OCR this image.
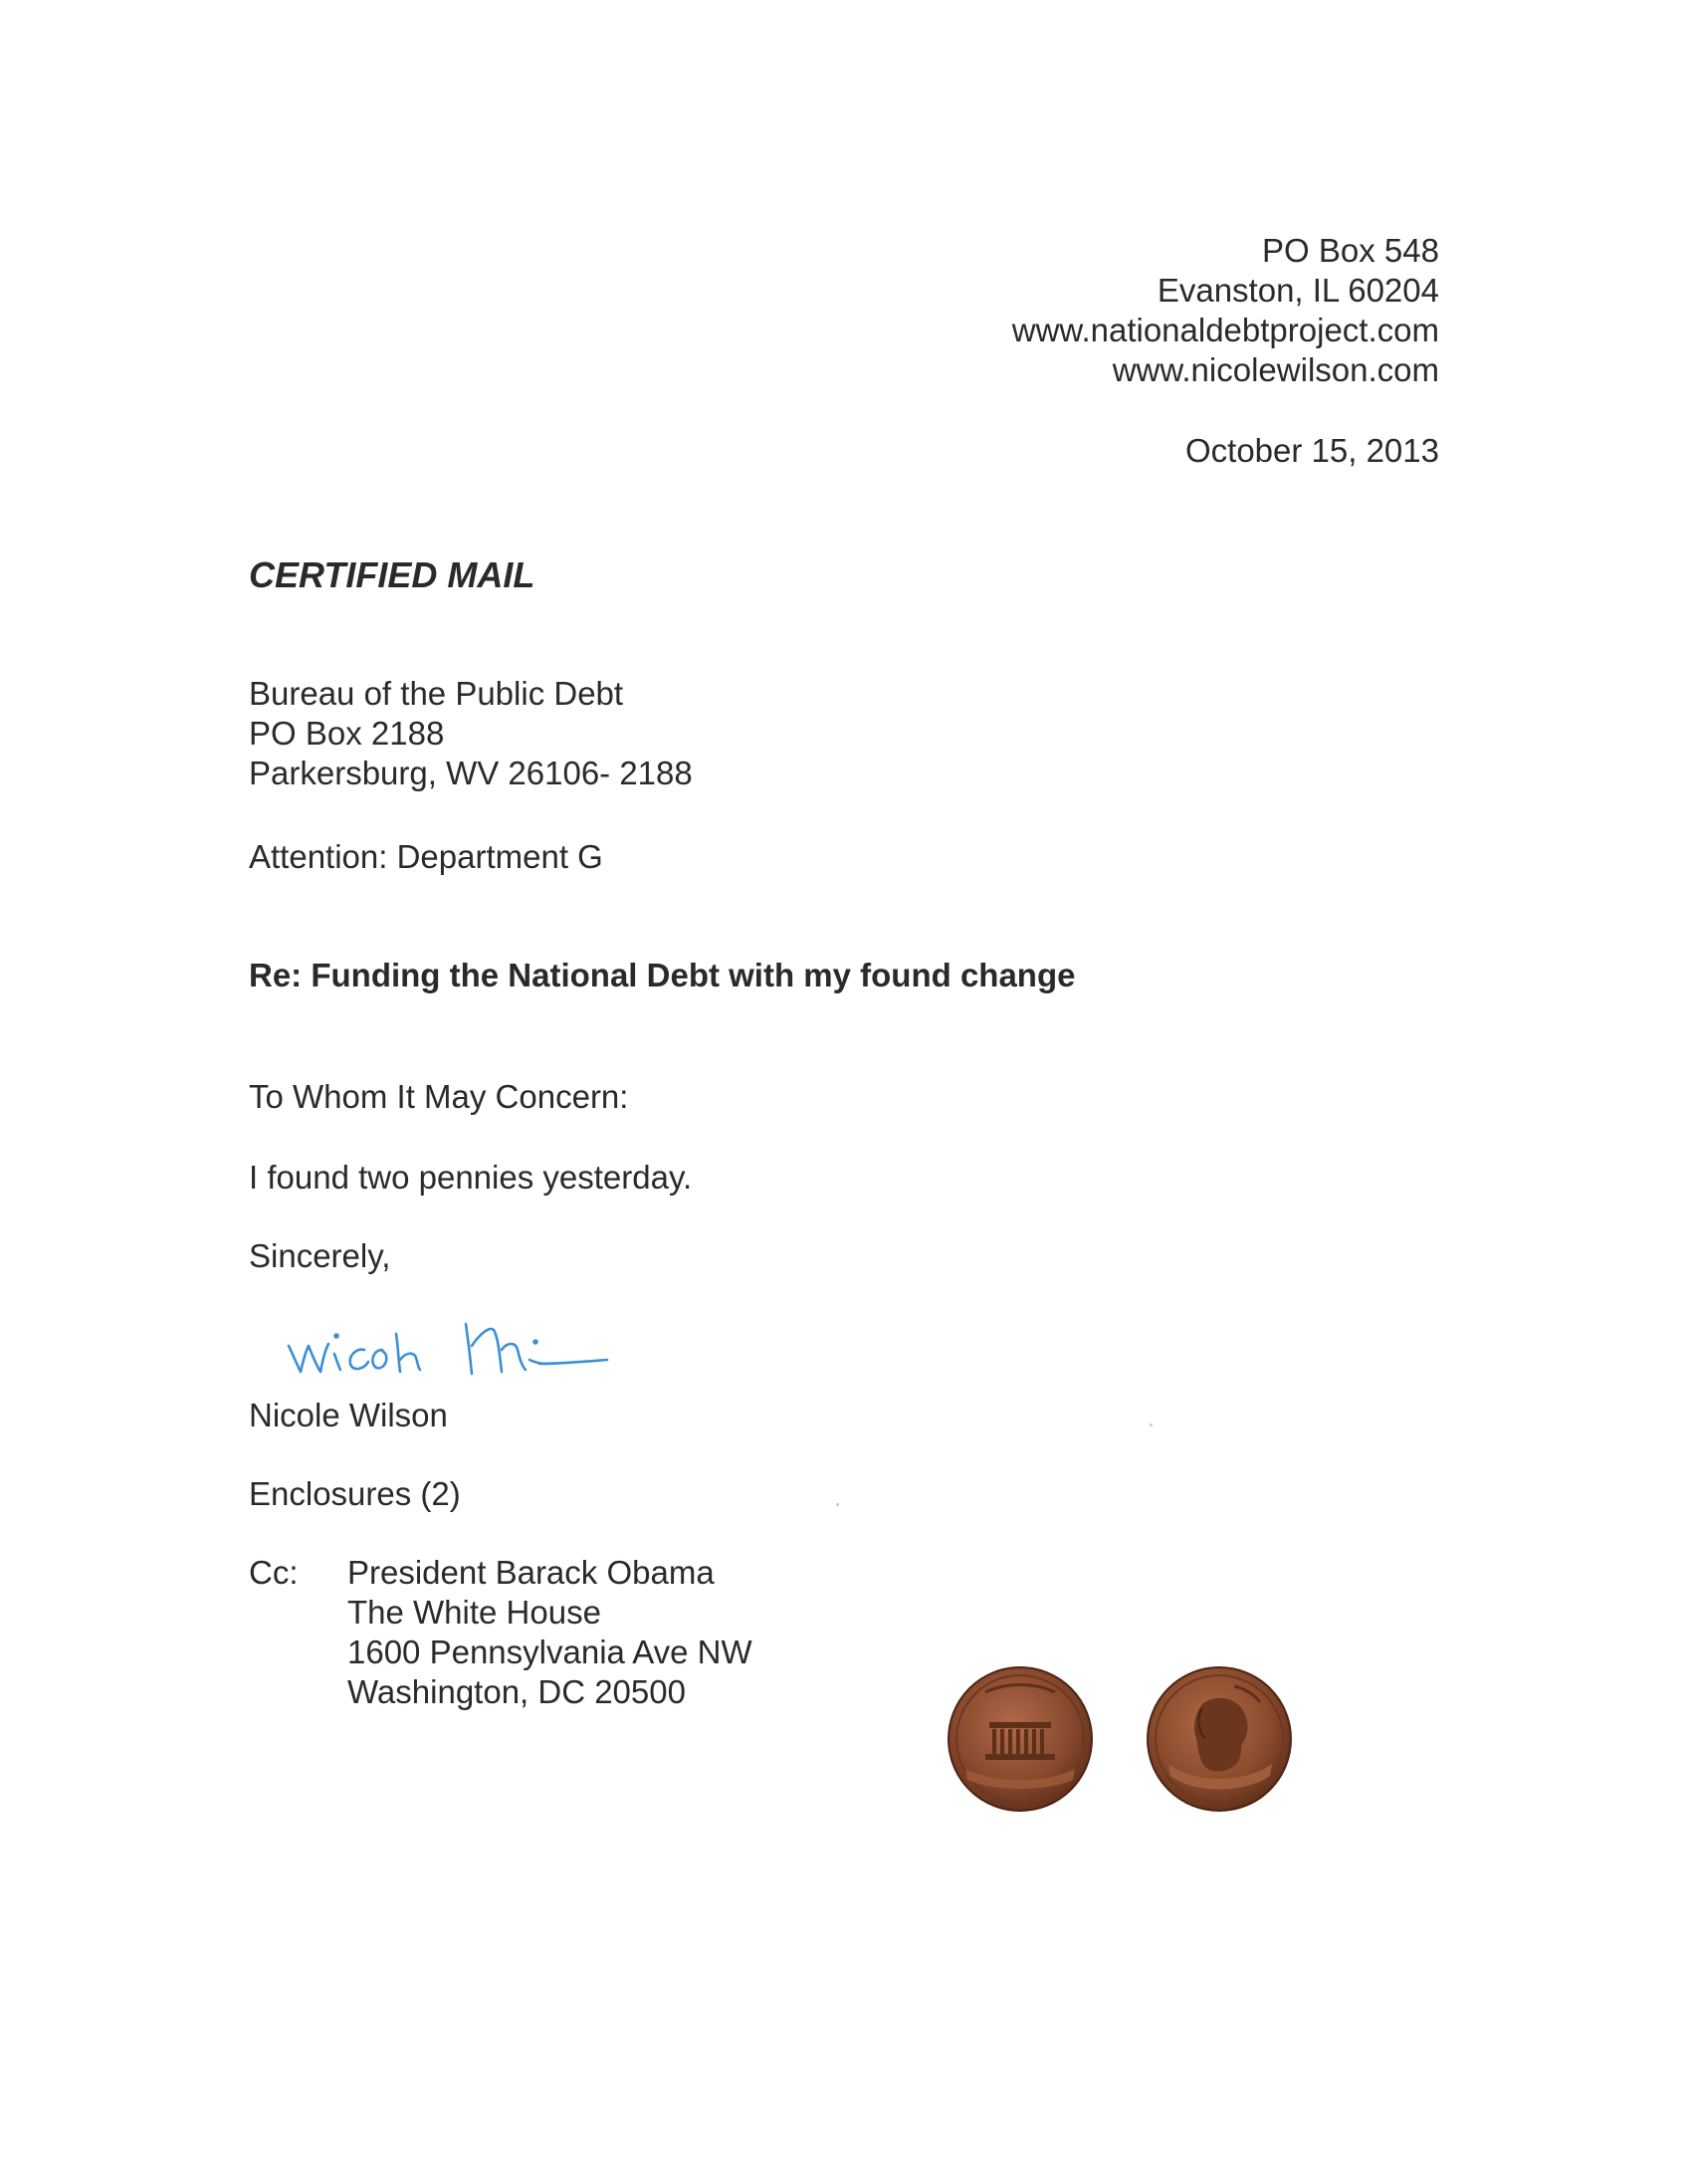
PO Box 548
Evanston, IL 60204
www.nationaldebtproject.com
www.nicolewilson.com
October 15, 2013
CERTIFIED MAIL
Bureau of the Public Debt
PO Box 2188
Parkersburg, WV 26106- 2188
Attention: Department G
Re: Funding the National Debt with my found change
To Whom It May Concern:
I found two pennies yesterday.
Sincerely,
Nicole Wilson
Enclosures (2)
Cc: President Barack Obama
The White House
1600 Pennsylvania Ave NW
Washington, DC 20500
